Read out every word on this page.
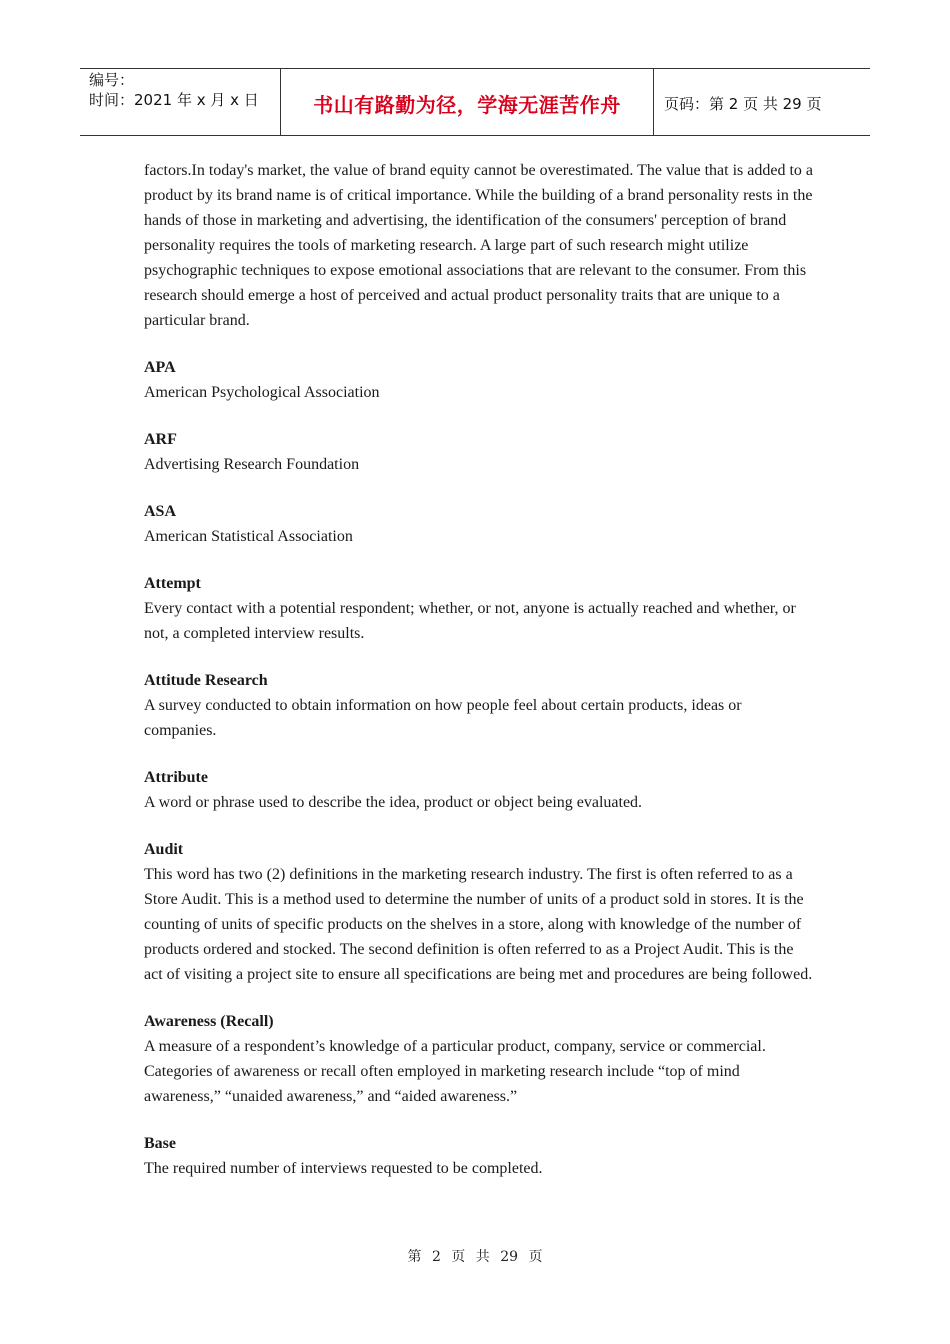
编号：
时间：2021 年 x 月 x 日	书山有路勤为径，学海无涯苦作舟	页码：第 2 页 共 29 页

factors.In today's market, the value of brand equity cannot be overestimated. The value that is added to a product by its brand name is of critical importance. While the building of a brand personality rests in the hands of those in marketing and advertising, the identification of the consumers' perception of brand personality requires the tools of marketing research. A large part of such research might utilize psychographic techniques to expose emotional associations that are relevant to the consumer. From this research should emerge a host of perceived and actual product personality traits that are unique to a particular brand.

APA
American Psychological Association
ARF
Advertising Research Foundation
ASA
American Statistical Association
Attempt
Every contact with a potential respondent; whether, or not, anyone is actually reached and whether, or not, a completed interview results.
Attitude Research
A survey conducted to obtain information on how people feel about certain products, ideas or companies.
Attribute
A word or phrase used to describe the idea, product or object being evaluated.
Audit
This word has two (2) definitions in the marketing research industry. The first is often referred to as a Store Audit. This is a method used to determine the number of units of a product sold in stores. It is the counting of units of specific products on the shelves in a store, along with knowledge of the number of products ordered and stocked. The second definition is often referred to as a Project Audit. This is the act of visiting a project site to ensure all specifications are being met and procedures are being followed.
Awareness (Recall)
A measure of a respondent’s knowledge of a particular product, company, service or commercial. Categories of awareness or recall often employed in marketing research include “top of mind awareness,” “unaided awareness,” and “aided awareness.”
Base
The required number of interviews requested to be completed.
第 2 页 共 29 页
